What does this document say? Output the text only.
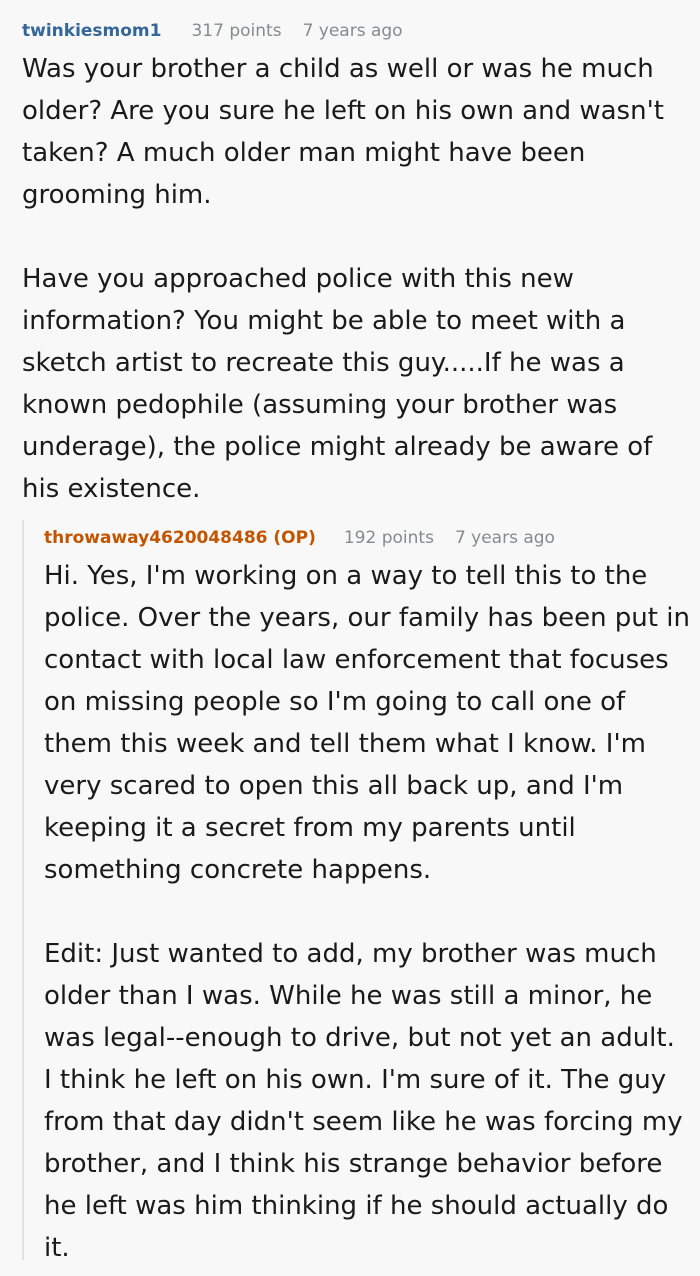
twinkiesmom1 317 points 7 years ago

Was your brother a child as well or was he much
older? Are you sure he left on his own and wasn't
taken? A much older man might have been
grooming him.

Have you approached police with this new
information? You might be able to meet with a
sketch artist to recreate this guy.....If he was a
known pedophile (assuming your brother was
underage), the police might already be aware of
his existence.

throwaway4620048486 (OP) 192 points 7 years ago

Hi. Yes, I'm working on a way to tell this to the
police. Over the years, our family has been put in
contact with local law enforcement that focuses
on missing people so I'm going to call one of
them this week and tell them what I know. I'm
very scared to open this all back up, and I'm
keeping it a secret from my parents until
something concrete happens.

Edit: Just wanted to add, my brother was much
older than I was. While he was still a minor, he
was legal--enough to drive, but not yet an adult.
I think he left on his own. I'm sure of it. The guy
from that day didn't seem like he was forcing my
brother, and I think his strange behavior before
he left was him thinking if he should actually do
it.
